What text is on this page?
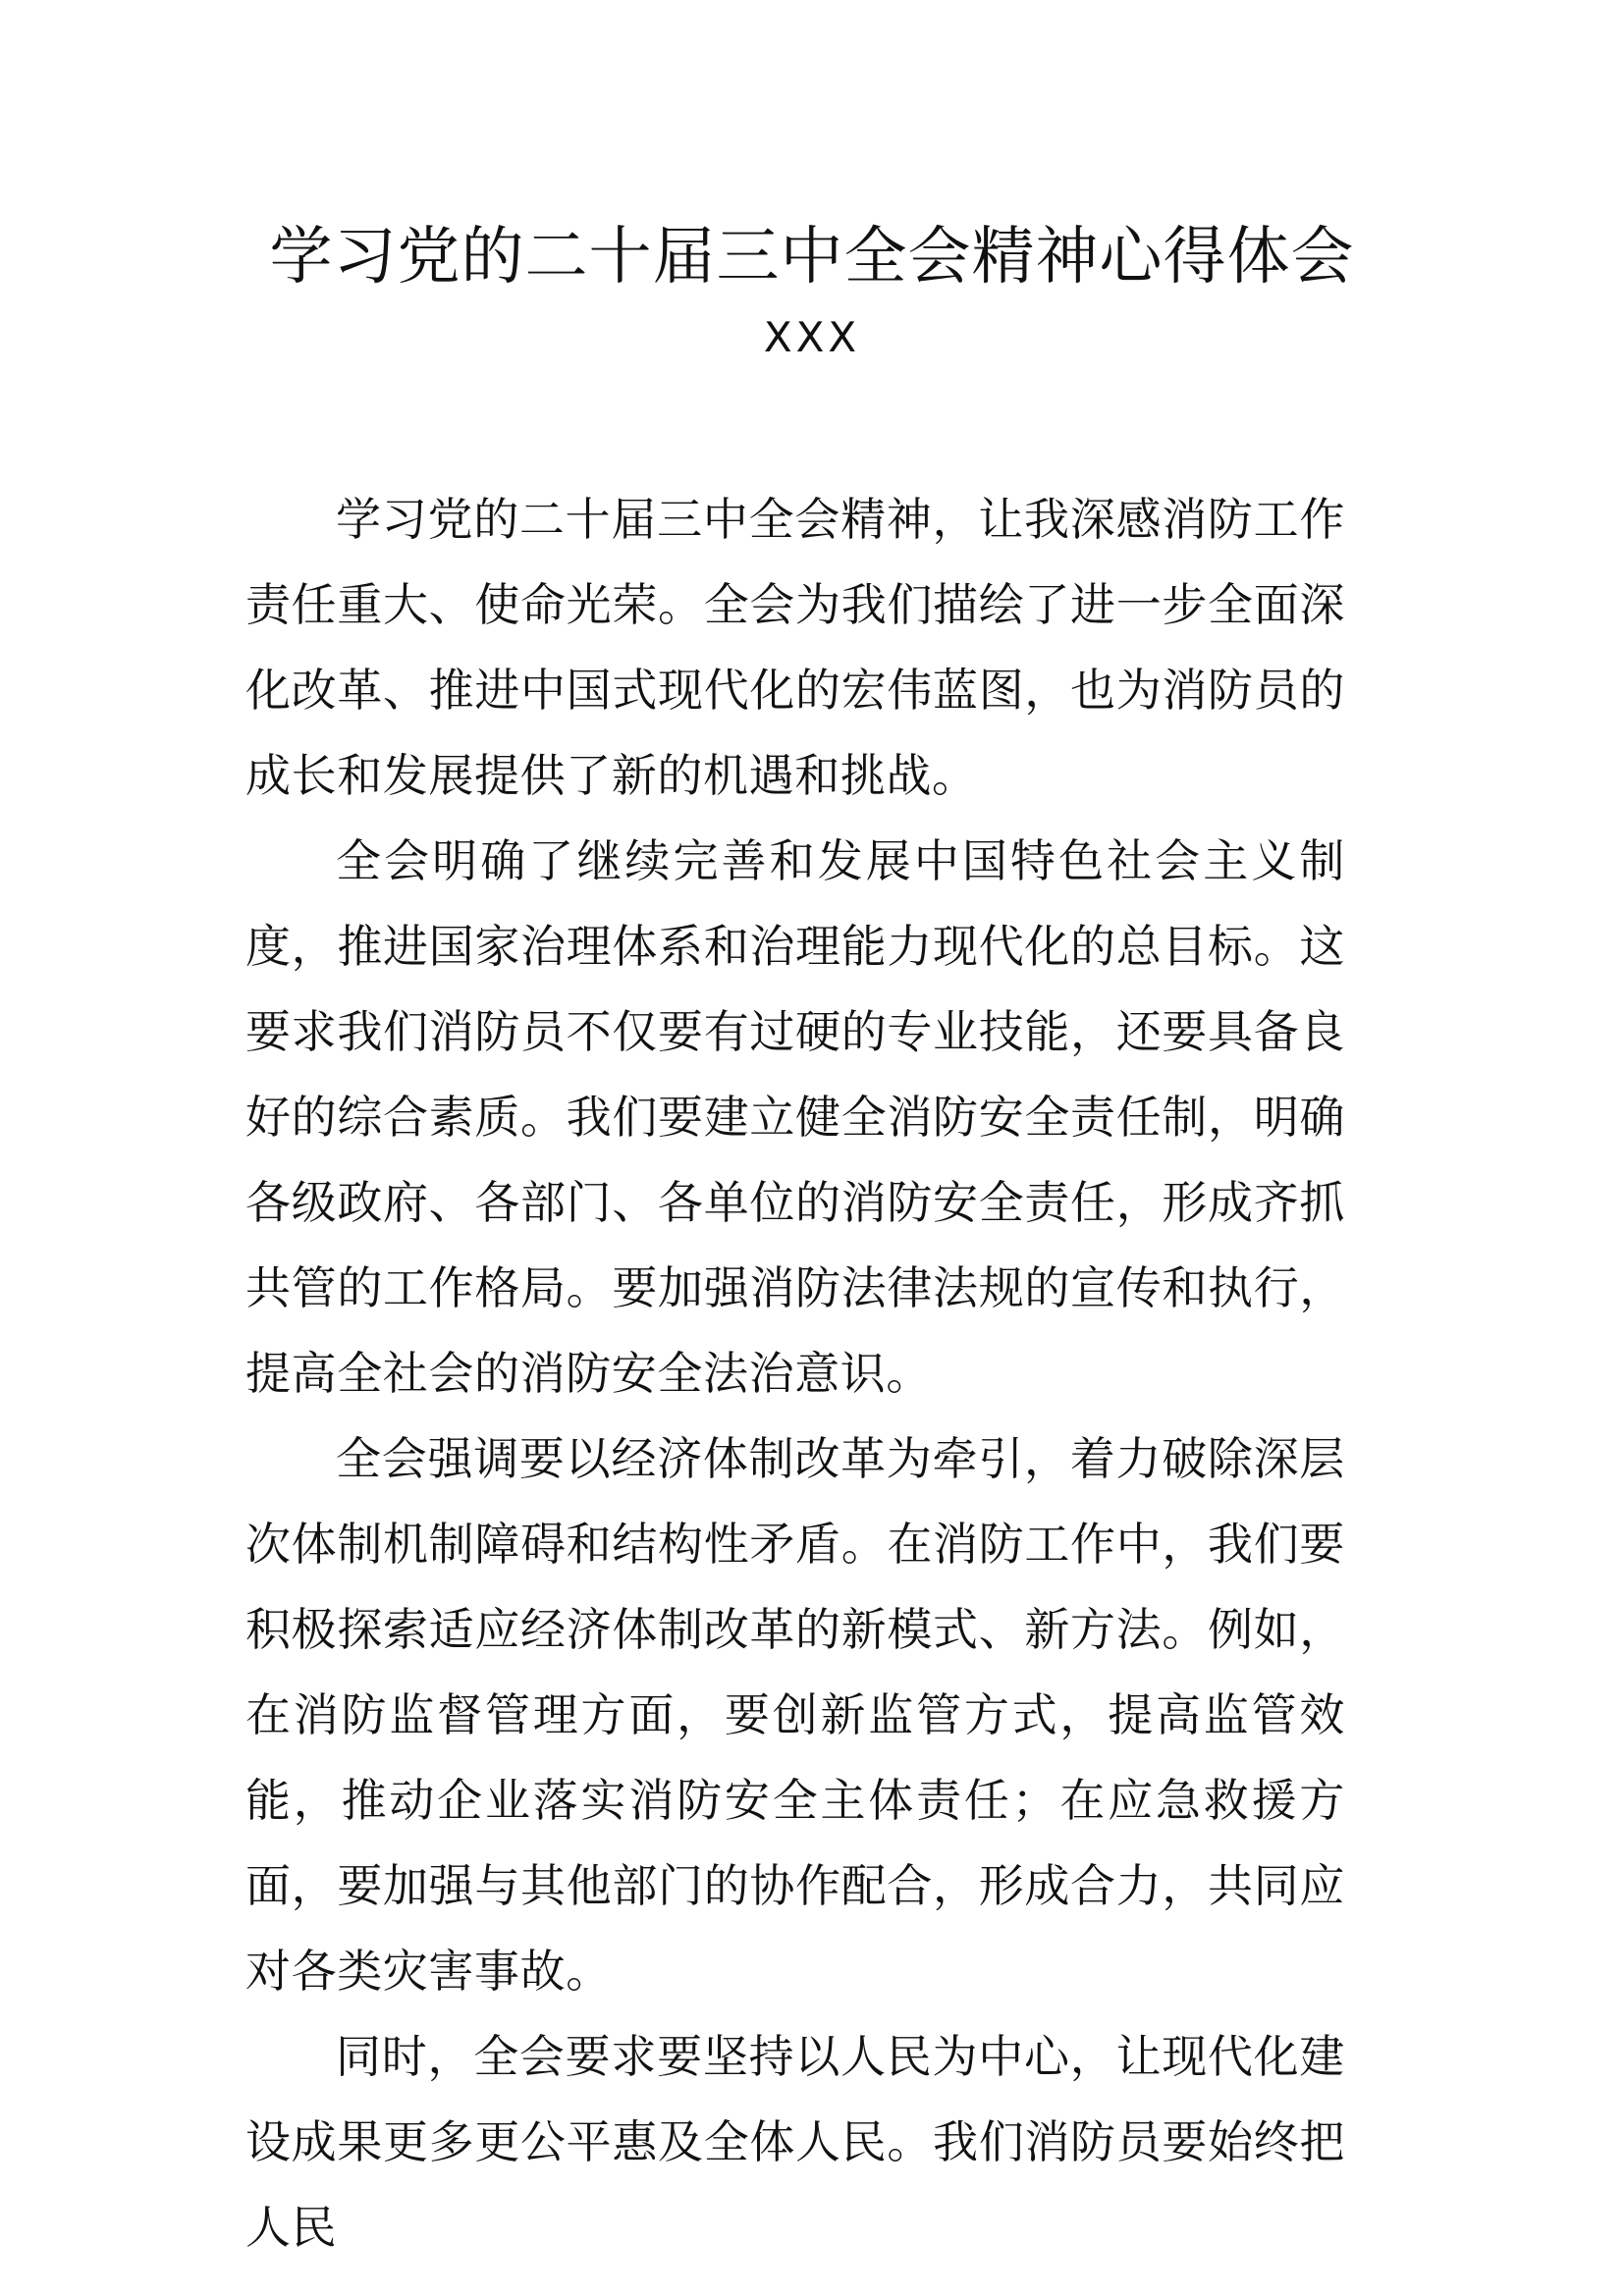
学习党的二十届三中全会精神心得体会
XXX

学习党的二十届三中全会精神，让我深感消防工作责任重大、使命光荣。全会为我们描绘了进一步全面深化改革、推进中国式现代化的宏伟蓝图，也为消防员的成长和发展提供了新的机遇和挑战。

全会明确了继续完善和发展中国特色社会主义制度，推进国家治理体系和治理能力现代化的总目标。这要求我们消防员不仅要有过硬的专业技能，还要具备良好的综合素质。我们要建立健全消防安全责任制，明确各级政府、各部门、各单位的消防安全责任，形成齐抓共管的工作格局。要加强消防法律法规的宣传和执行，提高全社会的消防安全法治意识。

全会强调要以经济体制改革为牵引，着力破除深层次体制机制障碍和结构性矛盾。在消防工作中，我们要积极探索适应经济体制改革的新模式、新方法。例如，在消防监督管理方面，要创新监管方式，提高监管效能，推动企业落实消防安全主体责任；在应急救援方面，要加强与其他部门的协作配合，形成合力，共同应对各类灾害事故。

同时，全会要求要坚持以人民为中心，让现代化建设成果更多更公平惠及全体人民。我们消防员要始终把人民
